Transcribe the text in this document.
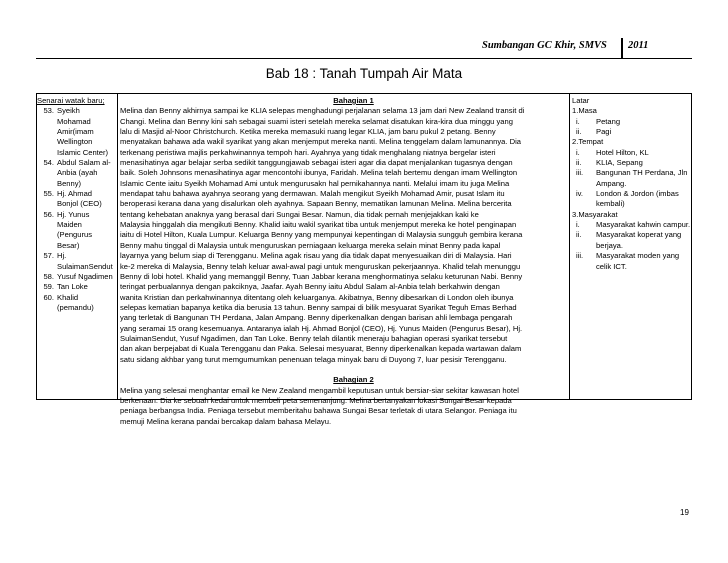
Sumbangan GC Khir, SMVS 2011
Bab 18 : Tanah Tumpah Air Mata
Senarai watak baru;
53. Syeikh
Mohamad
Amir(imam
Wellington
Islamic Center)
54. Abdul Salam al-
Anbia (ayah
Benny)
55. Hj. Ahmad
Bonjol (CEO)
56. Hj. Yunus
Maiden
(Pengurus
Besar)
57. Hj.
SulaimanSendut
58. Yusuf Ngadimen
59. Tan Loke
60. Khalid
(pemandu)
Bahagian 1
Melina dan Benny akhirnya sampai ke KLIA selepas menghadungi perjalanan selama 13 jam dari New Zealand transit di
Changi. Melina dan Benny kini sah sebagai suami isteri setelah mereka selamat disatukan kira-kira dua minggu yang
lalu di Masjid al-Noor Christchurch. Ketika mereka memasuki ruang legar KLIA, jam baru pukul 2 petang. Benny
menyatakan bahawa ada wakil syarikat yang akan menjemput mereka nanti. Melina tenggelam dalam lamunannya. Dia
terkenang peristiwa majlis perkahwinannya tempoh hari. Ayahnya yang tidak menghalang niatnya bergelar isteri
menasihatinya agar belajar serba sedikit tanggungjawab sebagai isteri agar dia dapat menjalankan tugasnya dengan
baik. Soleh Johnsons menasihatinya agar mencontohi ibunya, Faridah. Melina telah bertemu dengan imam Wellington
Islamic Cente iaitu Syeikh Mohamad Ami untuk mengurusakn hal pernikahannya nanti. Melalui imam itu juga Melina
mendapat tahu bahawa ayahnya seorang yang dermawan. Malah mengikut Syeikh Mohamad Amir, pusat Islam itu
beroperasi kerana dana yang disalurkan oleh ayahnya. Sapaan Benny, mematikan lamunan Melina. Melina bercerita
tentang kehebatan anaknya yang berasal dari Sungai Besar. Namun, dia tidak pernah menjejakkan kaki ke
Malaysia hinggalah dia mengikuti Benny. Khalid iaitu wakil syarikat tiba untuk menjemput mereka ke hotel penginapan
iaitu di Hotel Hilton, Kuala Lumpur. Keluarga Benny yang mempunyai kepentingan di Malaysia sungguh gembira kerana
Benny mahu tinggal di Malaysia untuk menguruskan perniagaan keluarga mereka selain minat Benny pada kapal
layarnya yang belum siap di Terengganu. Melina agak risau yang dia tidak dapat menyesuaikan diri di Malaysia. Hari
ke-2 mereka di Malaysia, Benny telah keluar awal-awal pagi untuk menguruskan pekerjaannya. Khalid telah menunggu
Benny di lobi hotel. Khalid yang memanggil Benny, Tuan Jabbar kerana menghormatinya selaku keturunan Nabi. Benny
teringat perbualannya dengan pakciknya, Jaafar. Ayah Benny iaitu Abdul Salam al-Anbia telah berkahwin dengan
wanita Kristian dan perkahwinannya ditentang oleh keluarganya. Akibatnya, Benny dibesarkan di London oleh ibunya
selepas kematian bapanya ketika dia berusia 13 tahun. Benny sampai di bilik mesyuarat Syarikat Teguh Emas Berhad
yang terletak di Bangunan TH Perdana, Jalan Ampang. Benny diperkenalkan dengan barisan ahli lembaga pengarah
yang seramai 15 orang kesemuanya. Antaranya ialah Hj. Ahmad Bonjol (CEO), Hj. Yunus Maiden (Pengurus Besar), Hj.
SulaimanSendut, Yusuf Ngadimen, dan Tan Loke. Benny telah dilantik meneraju bahagian operasi syarikat tersebut
dan akan berpejabat di Kuala Terengganu dan Paka. Selesai mesyuarat, Benny diperkenalkan kepada wartawan dalam
satu sidang akhbar yang turut memgumumkan penenuan telaga minyak baru di Duyong 7, luar pesisir Terengganu.
Bahagian 2
Melina yang selesai menghantar email ke New Zealand mengambil keputusan untuk bersiar-siar sekitar kawasan hotel
berkenaan. Dia ke sebuah kedai untuk membeli peta semenanjung. Melina bertanyakan lokasi Sungai Besar kepada
peniaga berbangsa India. Peniaga tersebut memberitahu bahawa Sungai Besar terletak di utara Selangor. Peniaga itu
memuji Melina kerana pandai bercakap dalam bahasa Melayu.
Latar
1.Masa
i.	Petang
ii.	Pagi
2.Tempat
i.	Hotel Hilton, KL
ii.	KLIA, Sepang
iii.	Bangunan TH Perdana, Jln
Ampang.
iv.	London & Jordon (imbas
kembali)
3.Masyarakat
i.	Masyarakat kahwin campur.
ii.	Masyarakat koperat yang
berjaya.
iii.	Masyarakat moden yang
celik ICT.
19
